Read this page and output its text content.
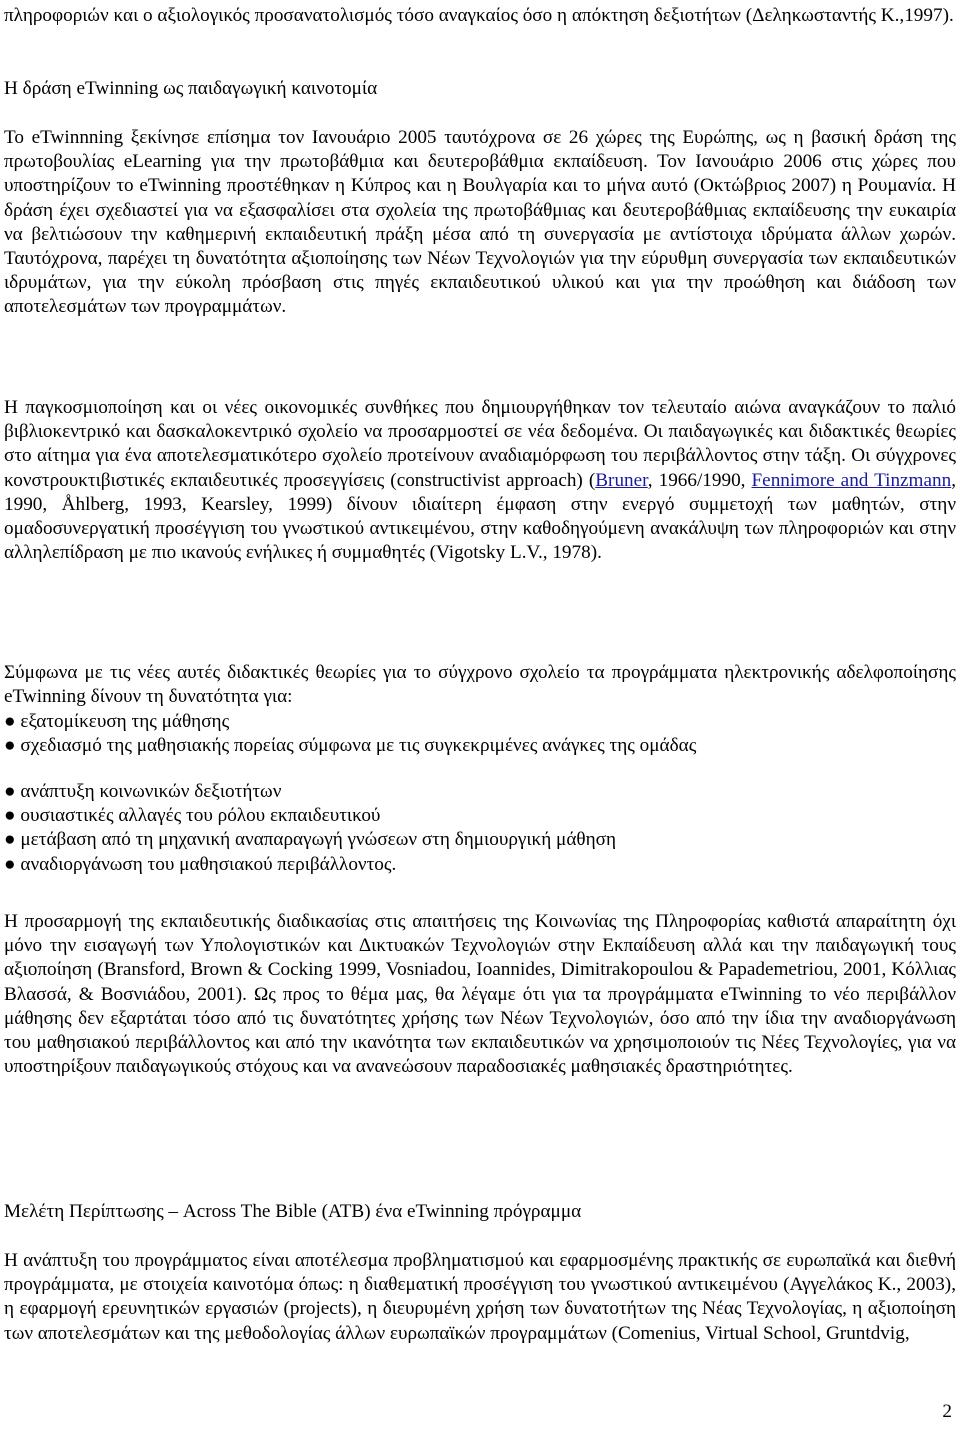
πληροφοριών και ο αξιολογικός προσανατολισμός τόσο αναγκαίος όσο η απόκτηση δεξιοτήτων (Δεληκωσταντής Κ.,1997).

Η δράση eTwinning ως παιδαγωγική καινοτομία

Το eTwinnning ξεκίνησε επίσημα τον Ιανουάριο 2005 ταυτόχρονα σε 26 χώρες της Ευρώπης, ως η βασική δράση της πρωτοβουλίας eLearning για την πρωτοβάθμια και δευτεροβάθμια εκπαίδευση. Τον Ιανουάριο 2006 στις χώρες που υποστηρίζουν το eTwinning προστέθηκαν η Κύπρος και η Βουλγαρία και το μήνα αυτό (Οκτώβριος 2007) η Ρουμανία. Η δράση έχει σχεδιαστεί για να εξασφαλίσει στα σχολεία της πρωτοβάθμιας και δευτεροβάθμιας εκπαίδευσης την ευκαιρία να βελτιώσουν την καθημερινή εκπαιδευτική πράξη μέσα από τη συνεργασία με αντίστοιχα ιδρύματα άλλων χωρών. Ταυτόχρονα, παρέχει τη δυνατότητα αξιοποίησης των Νέων Τεχνολογιών για την εύρυθμη συνεργασία των εκπαιδευτικών ιδρυμάτων, για την εύκολη πρόσβαση στις πηγές εκπαιδευτικού υλικού και για την προώθηση και διάδοση των αποτελεσμάτων των προγραμμάτων.

Η παγκοσμιοποίηση και οι νέες οικονομικές συνθήκες που δημιουργήθηκαν τον τελευταίο αιώνα αναγκάζουν το παλιό βιβλιοκεντρικό και δασκαλοκεντρικό σχολείο να προσαρμοστεί σε νέα δεδομένα. Οι παιδαγωγικές και διδακτικές θεωρίες στο αίτημα για ένα αποτελεσματικότερο σχολείο προτείνουν αναδιαμόρφωση του περιβάλλοντος στην τάξη. Οι σύγχρονες κονστρουκτιβιστικές εκπαιδευτικές προσεγγίσεις (constructivist approach) (Bruner, 1966/1990, Fennimore and Tinzmann, 1990, Åhlberg, 1993, Kearsley, 1999) δίνουν ιδιαίτερη έμφαση στην ενεργό συμμετοχή των μαθητών, στην ομαδοσυνεργατική προσέγγιση του γνωστικού αντικειμένου, στην καθοδηγούμενη ανακάλυψη των πληροφοριών και στην αλληλεπίδραση με πιο ικανούς ενήλικες ή συμμαθητές (Vigotsky L.V., 1978).

Σύμφωνα με τις νέες αυτές διδακτικές θεωρίες για το σύγχρονο σχολείο τα προγράμματα ηλεκτρονικής αδελφοποίησης eTwinning δίνουν τη δυνατότητα για:

● εξατομίκευση της μάθησης
● σχεδιασμό της μαθησιακής πορείας σύμφωνα με τις συγκεκριμένες ανάγκες της ομάδας
● ανάπτυξη κοινωνικών δεξιοτήτων
● ουσιαστικές αλλαγές του ρόλου εκπαιδευτικού
● μετάβαση από τη μηχανική αναπαραγωγή γνώσεων στη δημιουργική μάθηση
● αναδιοργάνωση του μαθησιακού περιβάλλοντος.

Η προσαρμογή της εκπαιδευτικής διαδικασίας στις απαιτήσεις της Κοινωνίας της Πληροφορίας καθιστά απαραίτητη όχι μόνο την εισαγωγή των Υπολογιστικών και Δικτυακών Τεχνολογιών στην Εκπαίδευση αλλά και την παιδαγωγική τους αξιοποίηση (Bransford, Brown & Cocking 1999, Vosniadou, Ioannides, Dimitrakopoulou & Papademetriou, 2001, Κόλλιας Βλασσά, & Βοσνιάδου, 2001). Ως προς το θέμα μας, θα λέγαμε ότι για τα προγράμματα eTwinning το νέο περιβάλλον μάθησης δεν εξαρτάται τόσο από τις δυνατότητες χρήσης των Νέων Τεχνολογιών, όσο από την ίδια την αναδιοργάνωση του μαθησιακού περιβάλλοντος και από την ικανότητα των εκπαιδευτικών να χρησιμοποιούν τις Νέες Τεχνολογίες, για να υποστηρίξουν παιδαγωγικούς στόχους και να ανανεώσουν παραδοσιακές μαθησιακές δραστηριότητες.

Μελέτη Περίπτωσης – Across The Bible (ATB) ένα eTwinning πρόγραμμα

Η ανάπτυξη του προγράμματος είναι αποτέλεσμα προβληματισμού και εφαρμοσμένης πρακτικής σε ευρωπαϊκά και διεθνή προγράμματα, με στοιχεία καινοτόμα όπως: η διαθεματική προσέγγιση του γνωστικού αντικειμένου (Αγγελάκος Κ., 2003), η εφαρμογή ερευνητικών εργασιών (projects), η διευρυμένη χρήση των δυνατοτήτων της Νέας Τεχνολογίας, η αξιοποίηση των αποτελεσμάτων και της μεθοδολογίας άλλων ευρωπαϊκών προγραμμάτων (Comenius, Virtual School, Gruntdvig,

2
